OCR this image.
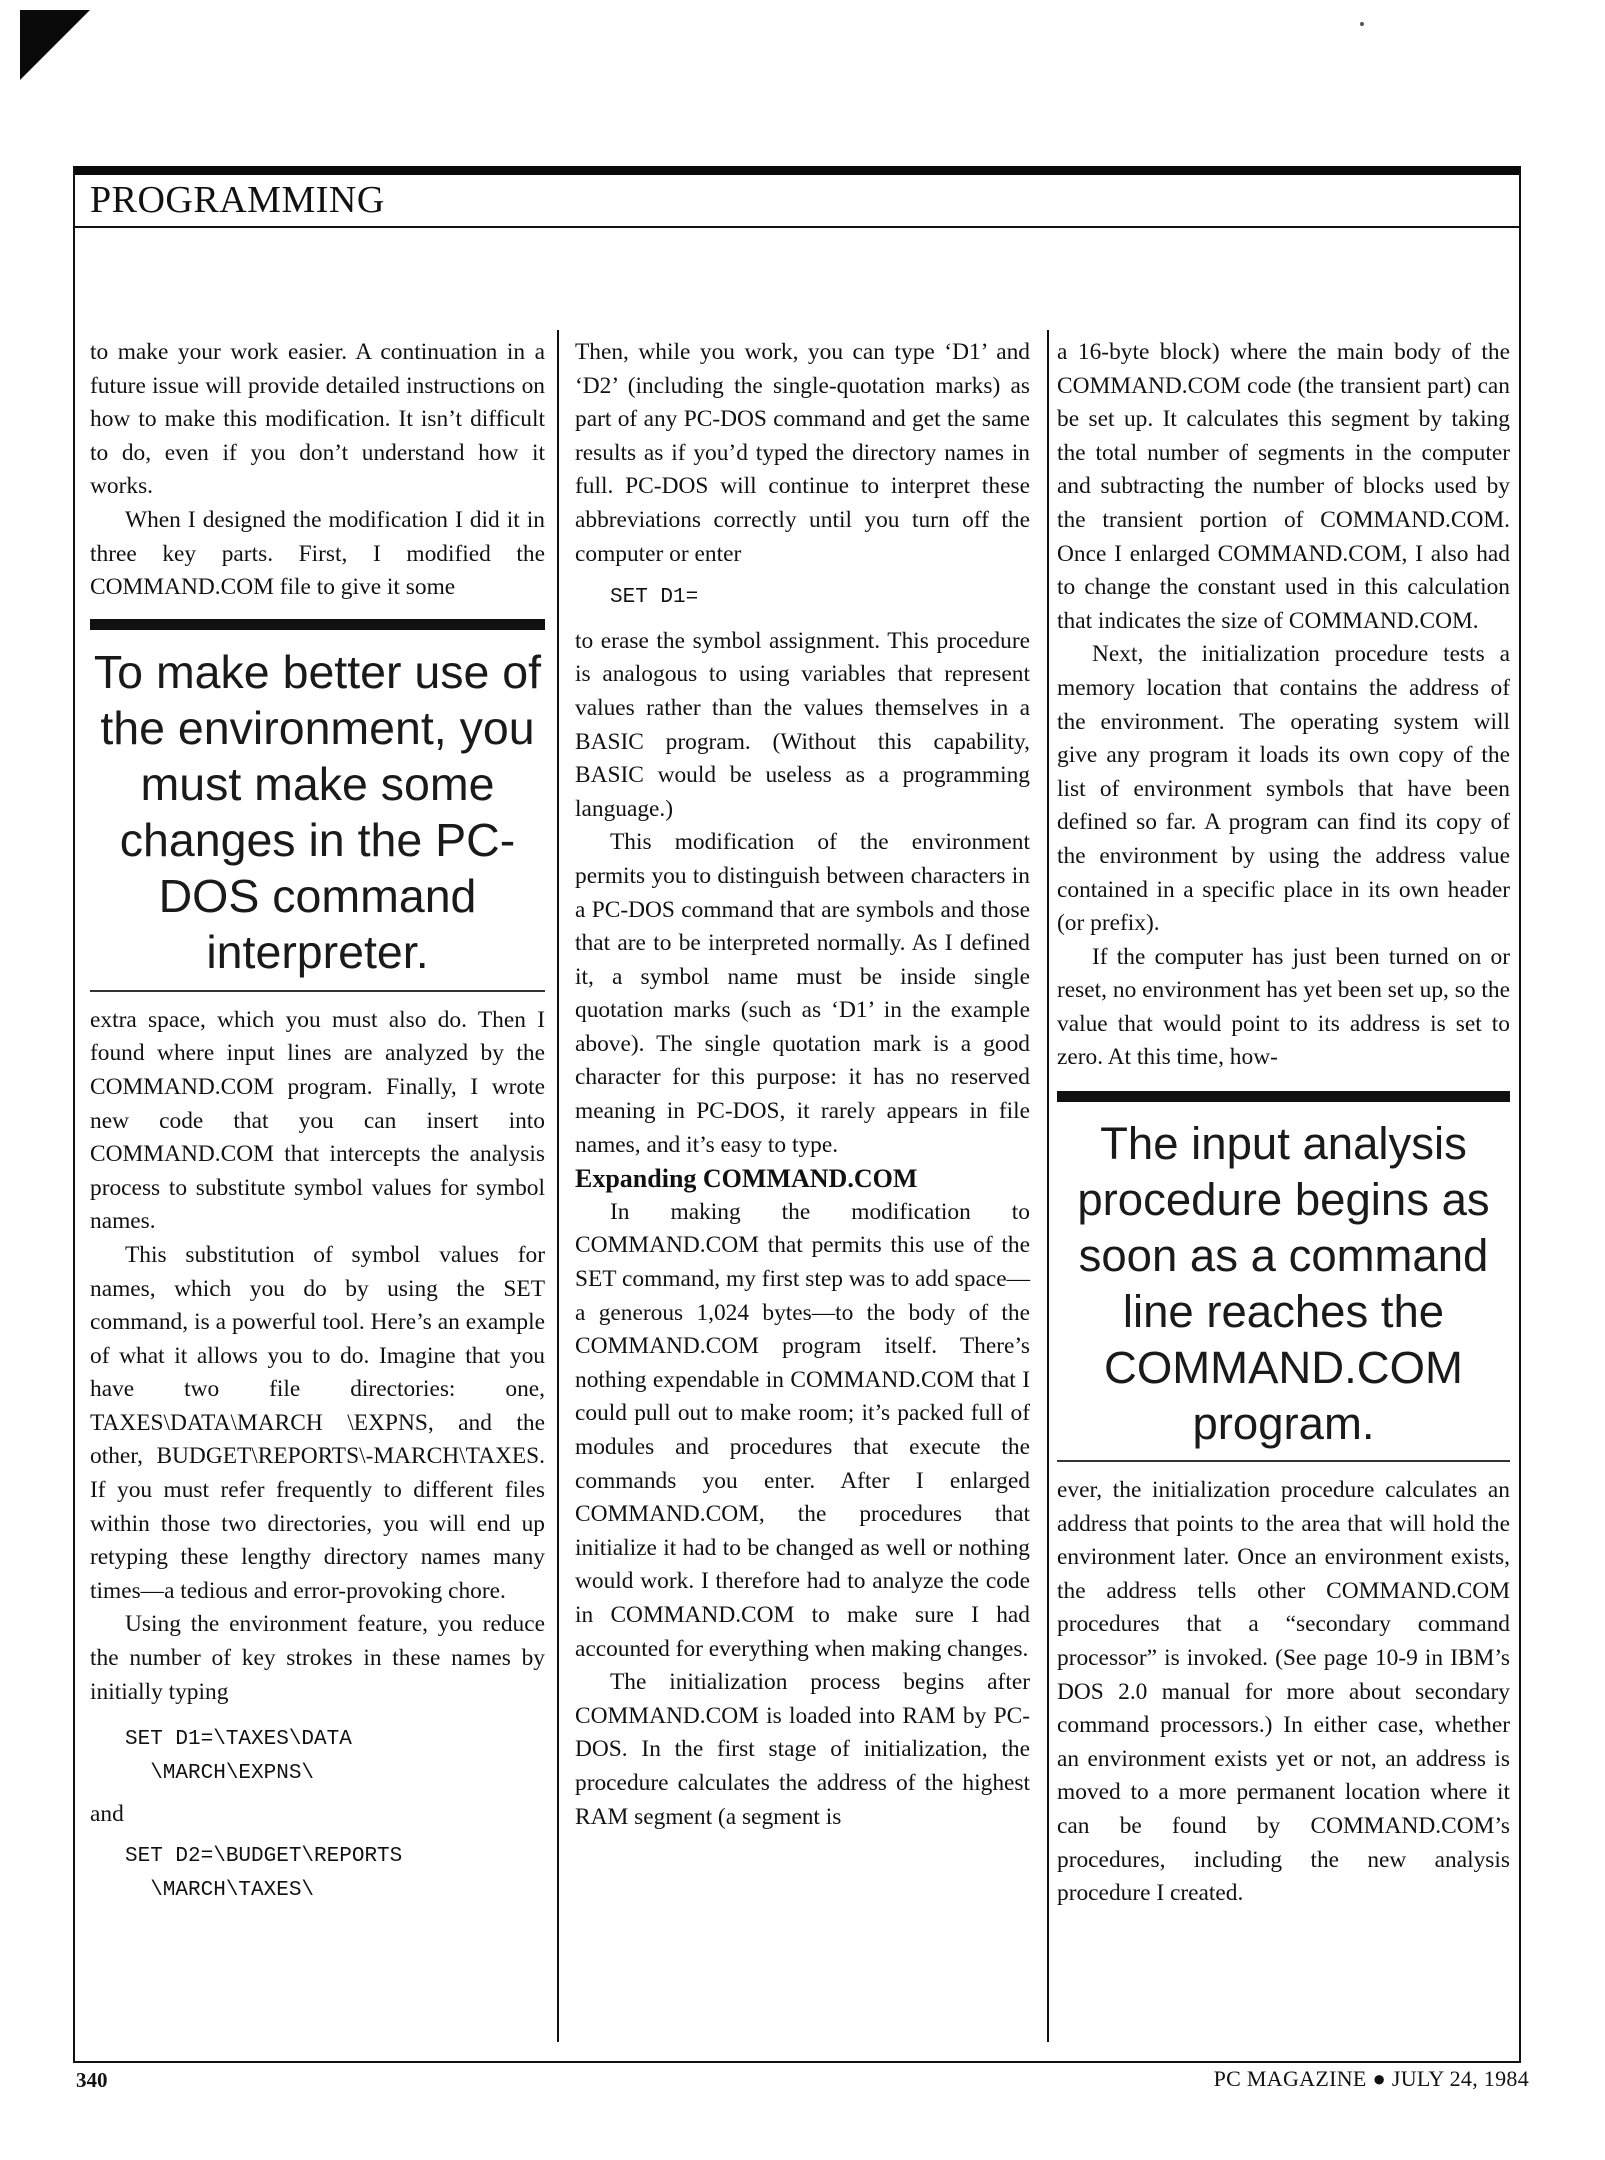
PROGRAMMING

to make your work easier. A continuation in a future issue will provide detailed instructions on how to make this modification. It isn’t difficult to do, even if you don’t understand how it works.

When I designed the modification I did it in three key parts. First, I modified the COMMAND.COM file to give it some

To make better use of the environment, you must make some changes in the PC-DOS command interpreter.

extra space, which you must also do. Then I found where input lines are analyzed by the COMMAND.COM program. Finally, I wrote new code that you can insert into COMMAND.COM that intercepts the analysis process to substitute symbol values for symbol names.

This substitution of symbol values for names, which you do by using the SET command, is a powerful tool. Here’s an example of what it allows you to do. Imagine that you have two file directories: one, TAXES\DATA\MARCH \EXPNS, and the other, BUDGET\REPORTS\-MARCH\TAXES. If you must refer frequently to different files within those two directories, you will end up retyping these lengthy directory names many times—a tedious and error-provoking chore.

Using the environment feature, you reduce the number of key strokes in these names by initially typing

SET D1=\TAXES\DATA
\MARCH\EXPNS\

and

SET D2=\BUDGET\REPORTS
\MARCH\TAXES\

Then, while you work, you can type ‘D1’ and ‘D2’ (including the single-quotation marks) as part of any PC-DOS command and get the same results as if you’d typed the directory names in full. PC-DOS will continue to interpret these abbreviations correctly until you turn off the computer or enter

SET D1=

to erase the symbol assignment. This procedure is analogous to using variables that represent values rather than the values themselves in a BASIC program. (Without this capability, BASIC would be useless as a programming language.)

This modification of the environment permits you to distinguish between characters in a PC-DOS command that are symbols and those that are to be interpreted normally. As I defined it, a symbol name must be inside single quotation marks (such as ‘D1’ in the example above). The single quotation mark is a good character for this purpose: it has no reserved meaning in PC-DOS, it rarely appears in file names, and it’s easy to type.

Expanding COMMAND.COM

In making the modification to COMMAND.COM that permits this use of the SET command, my first step was to add space—a generous 1,024 bytes—to the body of the COMMAND.COM program itself. There’s nothing expendable in COMMAND.COM that I could pull out to make room; it’s packed full of modules and procedures that execute the commands you enter. After I enlarged COMMAND.COM, the procedures that initialize it had to be changed as well or nothing would work. I therefore had to analyze the code in COMMAND.COM to make sure I had accounted for everything when making changes.

The initialization process begins after COMMAND.COM is loaded into RAM by PC-DOS. In the first stage of initialization, the procedure calculates the address of the highest RAM segment (a segment is

a 16-byte block) where the main body of the COMMAND.COM code (the transient part) can be set up. It calculates this segment by taking the total number of segments in the computer and subtracting the number of blocks used by the transient portion of COMMAND.COM. Once I enlarged COMMAND.COM, I also had to change the constant used in this calculation that indicates the size of COMMAND.COM.

Next, the initialization procedure tests a memory location that contains the address of the environment. The operating system will give any program it loads its own copy of the list of environment symbols that have been defined so far. A program can find its copy of the environment by using the address value contained in a specific place in its own header (or prefix).

If the computer has just been turned on or reset, no environment has yet been set up, so the value that would point to its address is set to zero. At this time, how-

The input analysis procedure begins as soon as a command line reaches the COMMAND.COM program.

ever, the initialization procedure calculates an address that points to the area that will hold the environment later. Once an environment exists, the address tells other COMMAND.COM procedures that a “secondary command processor” is invoked. (See page 10-9 in IBM’s DOS 2.0 manual for more about secondary command processors.) In either case, whether an environment exists yet or not, an address is moved to a more permanent location where it can be found by COMMAND.COM’s procedures, including the new analysis procedure I created.

340	PC MAGAZINE ● JULY 24, 1984
